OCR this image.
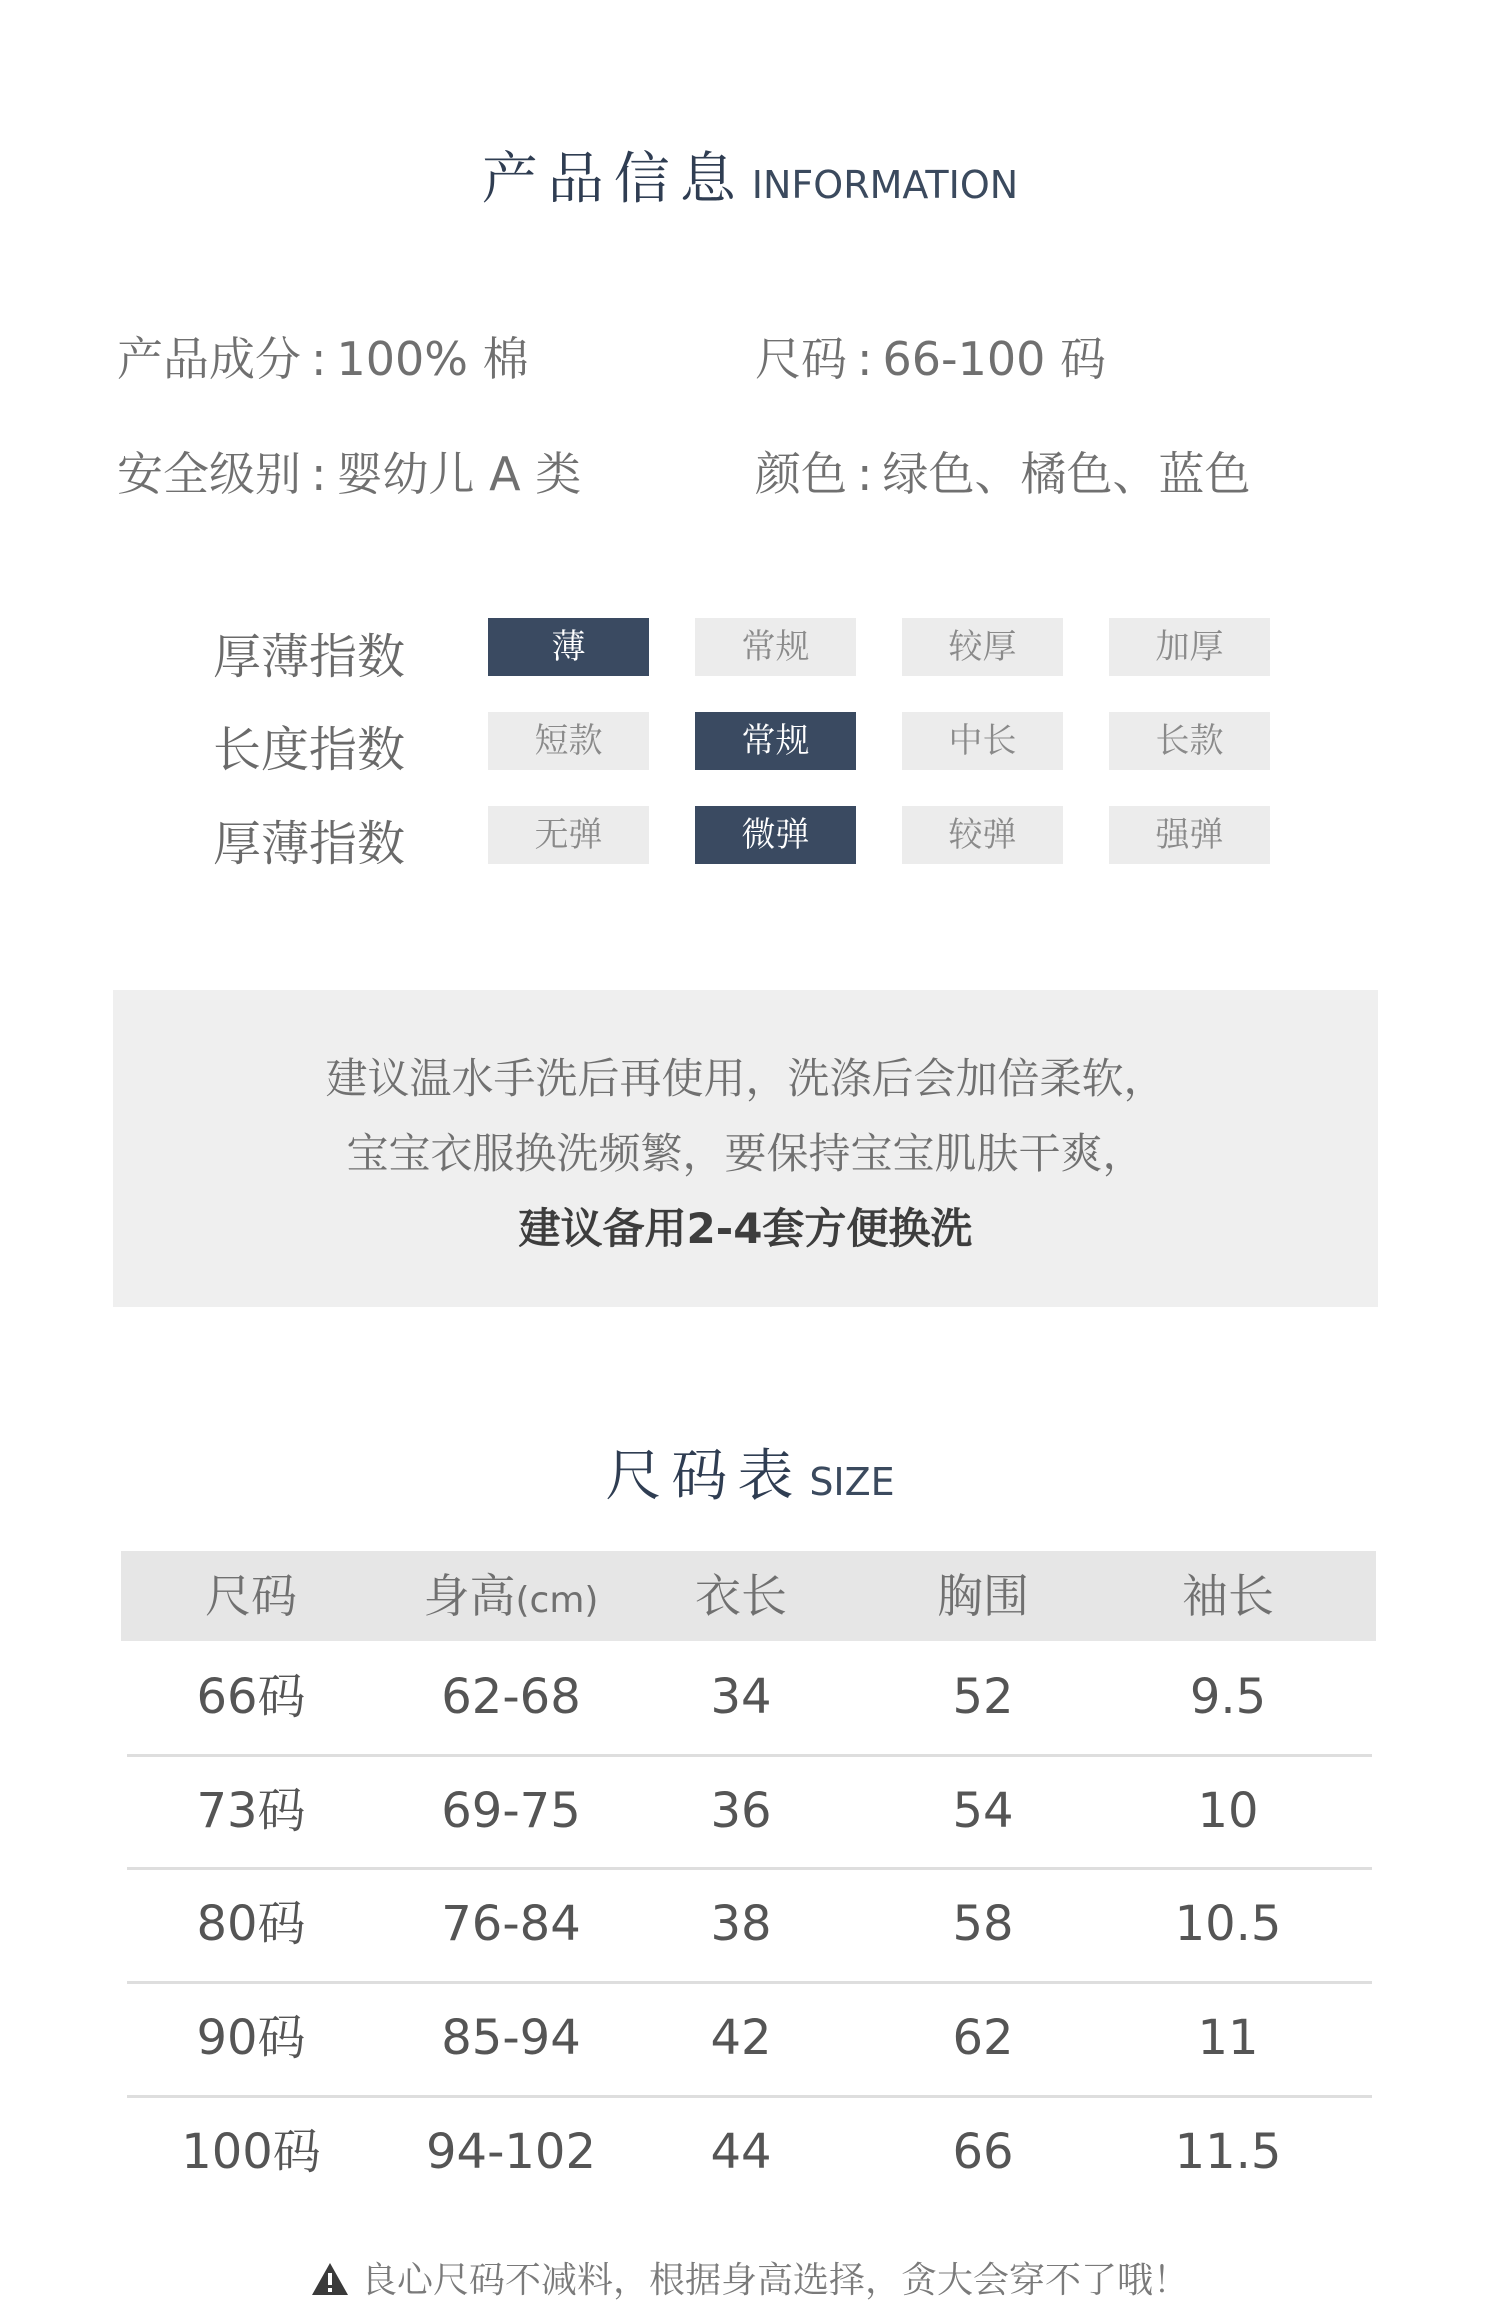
产品信息 INFORMATION
产品成分 : 100% 棉	尺码 : 66-100 码
安全级别 : 婴幼儿 A 类	颜色 : 绿色、橘色、蓝色
厚薄指数	薄	常规	较厚	加厚
长度指数	短款	常规	中长	长款
厚薄指数	无弹	微弹	较弹	强弹
建议温水手洗后再使用，洗涤后会加倍柔软，
宝宝衣服换洗频繁，要保持宝宝肌肤干爽，
建议备用2-4套方便换洗
尺码表 SIZE
尺码	身高(cm)	衣长	胸围	袖长
66码	62-68	34	52	9.5
73码	69-75	36	54	10
80码	76-84	38	58	10.5
90码	85-94	42	62	11
100码	94-102	44	66	11.5
良心尺码不减料，根据身高选择，贪大会穿不了哦！
